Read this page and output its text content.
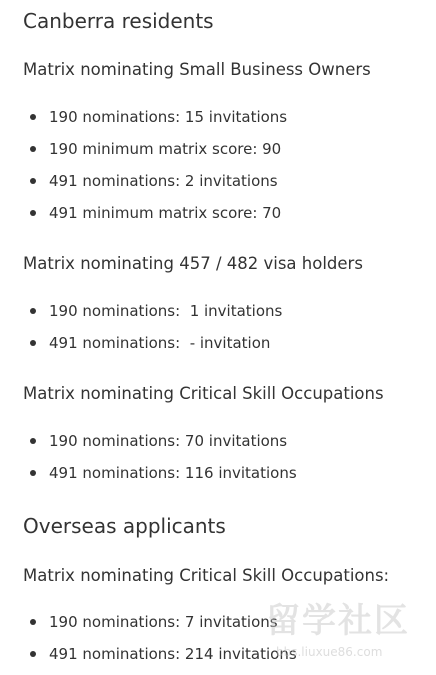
Canberra residents
Matrix nominating Small Business Owners
190 nominations: 15 invitations
190 minimum matrix score: 90
491 nominations: 2 invitations
491 minimum matrix score: 70
Matrix nominating 457 / 482 visa holders
190 nominations:  1 invitations
491 nominations:  - invitation
Matrix nominating Critical Skill Occupations
190 nominations: 70 invitations
491 nominations: 116 invitations
Overseas applicants
Matrix nominating Critical Skill Occupations:
190 nominations: 7 invitations
491 nominations: 214 invitations
留学社区
bbs.liuxue86.com
